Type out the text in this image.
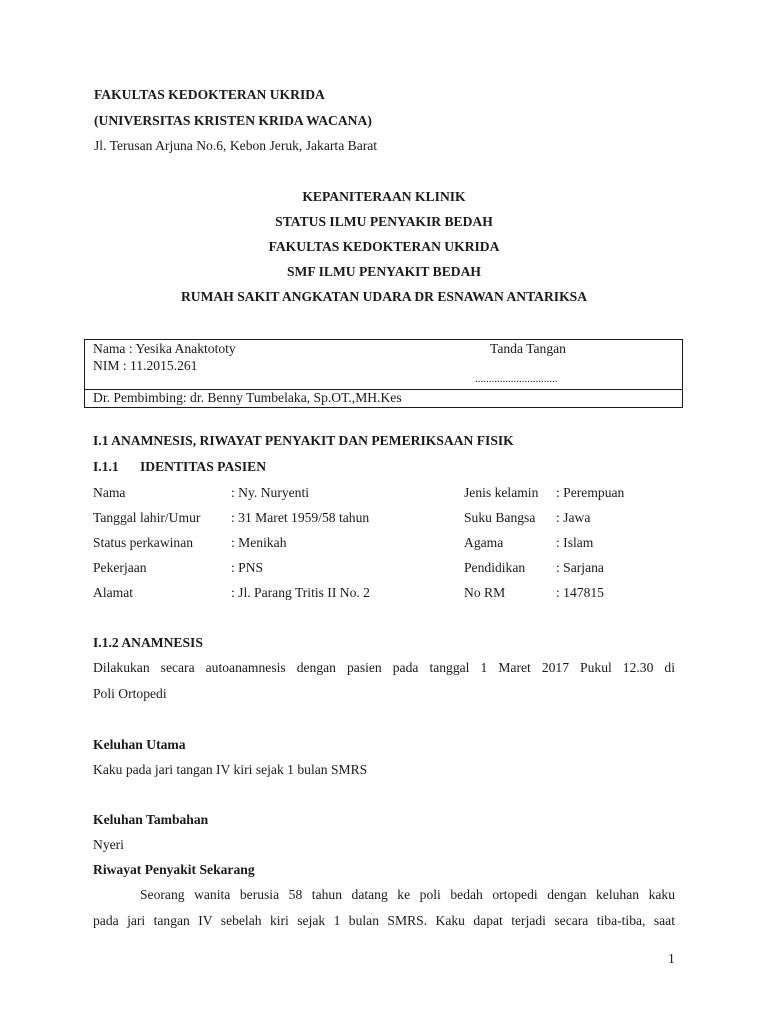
FAKULTAS KEDOKTERAN UKRIDA
(UNIVERSITAS KRISTEN KRIDA WACANA)
Jl. Terusan Arjuna No.6, Kebon Jeruk, Jakarta Barat
KEPANITERAAN KLINIK
STATUS ILMU PENYAKIR BEDAH
FAKULTAS KEDOKTERAN UKRIDA
SMF ILMU PENYAKIT BEDAH
RUMAH SAKIT ANGKATAN UDARA DR ESNAWAN ANTARIKSA
Nama : Yesika Anaktototy	Tanda Tangan
NIM : 11.2015.261
..............................
Dr. Pembimbing: dr. Benny Tumbelaka, Sp.OT.,MH.Kes
I.1 ANAMNESIS, RIWAYAT PENYAKIT DAN PEMERIKSAAN FISIK
I.1.1 IDENTITAS PASIEN
Nama	: Ny. Nuryenti	Jenis kelamin : Perempuan
Tanggal lahir/Umur : 31 Maret 1959/58 tahun	Suku Bangsa : Jawa
Status perkawinan	: Menikah	Agama	: Islam
Pekerjaan	: PNS	Pendidikan : Sarjana
Alamat	: Jl. Parang Tritis II No. 2	No RM	: 147815
I.1.2 ANAMNESIS
Dilakukan secara autoanamnesis dengan pasien pada tanggal 1 Maret 2017 Pukul 12.30 di
Poli Ortopedi
Keluhan Utama
Kaku pada jari tangan IV kiri sejak 1 bulan SMRS
Keluhan Tambahan
Nyeri
Riwayat Penyakit Sekarang
Seorang wanita berusia 58 tahun datang ke poli bedah ortopedi dengan keluhan kaku
pada jari tangan IV sebelah kiri sejak 1 bulan SMRS. Kaku dapat terjadi secara tiba-tiba, saat
1
